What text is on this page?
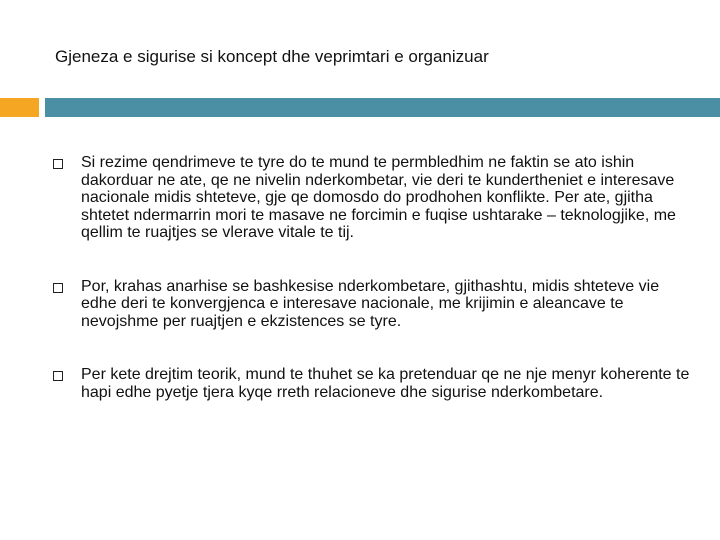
Gjeneza e sigurise si koncept dhe veprimtari e organizuar
Si rezime qendrimeve te tyre do te mund te permbledhim ne faktin se ato ishin dakorduar ne ate, qe ne nivelin nderkombetar, vie deri te kunderthеniet e interesave nacionale midis shteteve, gje qe domosdo do prodhohen konflikte. Per ate, gjitha shtetet ndermarrin mori te masave ne forcimin e fuqise ushtarake – teknologjike, me qellim te ruajtjes se vlerave vitale te tij.
Por, krahas anarhise se bashkesise nderkombetare, gjithashtu, midis shteteve vie edhe deri te konvergjenca e interesave nacionale, me krijimin e aleancave te nevojshme per ruajtjen e ekzistences se tyre.
Per kete drejtim teorik, mund te thuhet se ka pretenduar qe ne nje menyr koherente te hapi edhe pyetje tjera kyqe rreth relacioneve dhe sigurise nderkombetare.
